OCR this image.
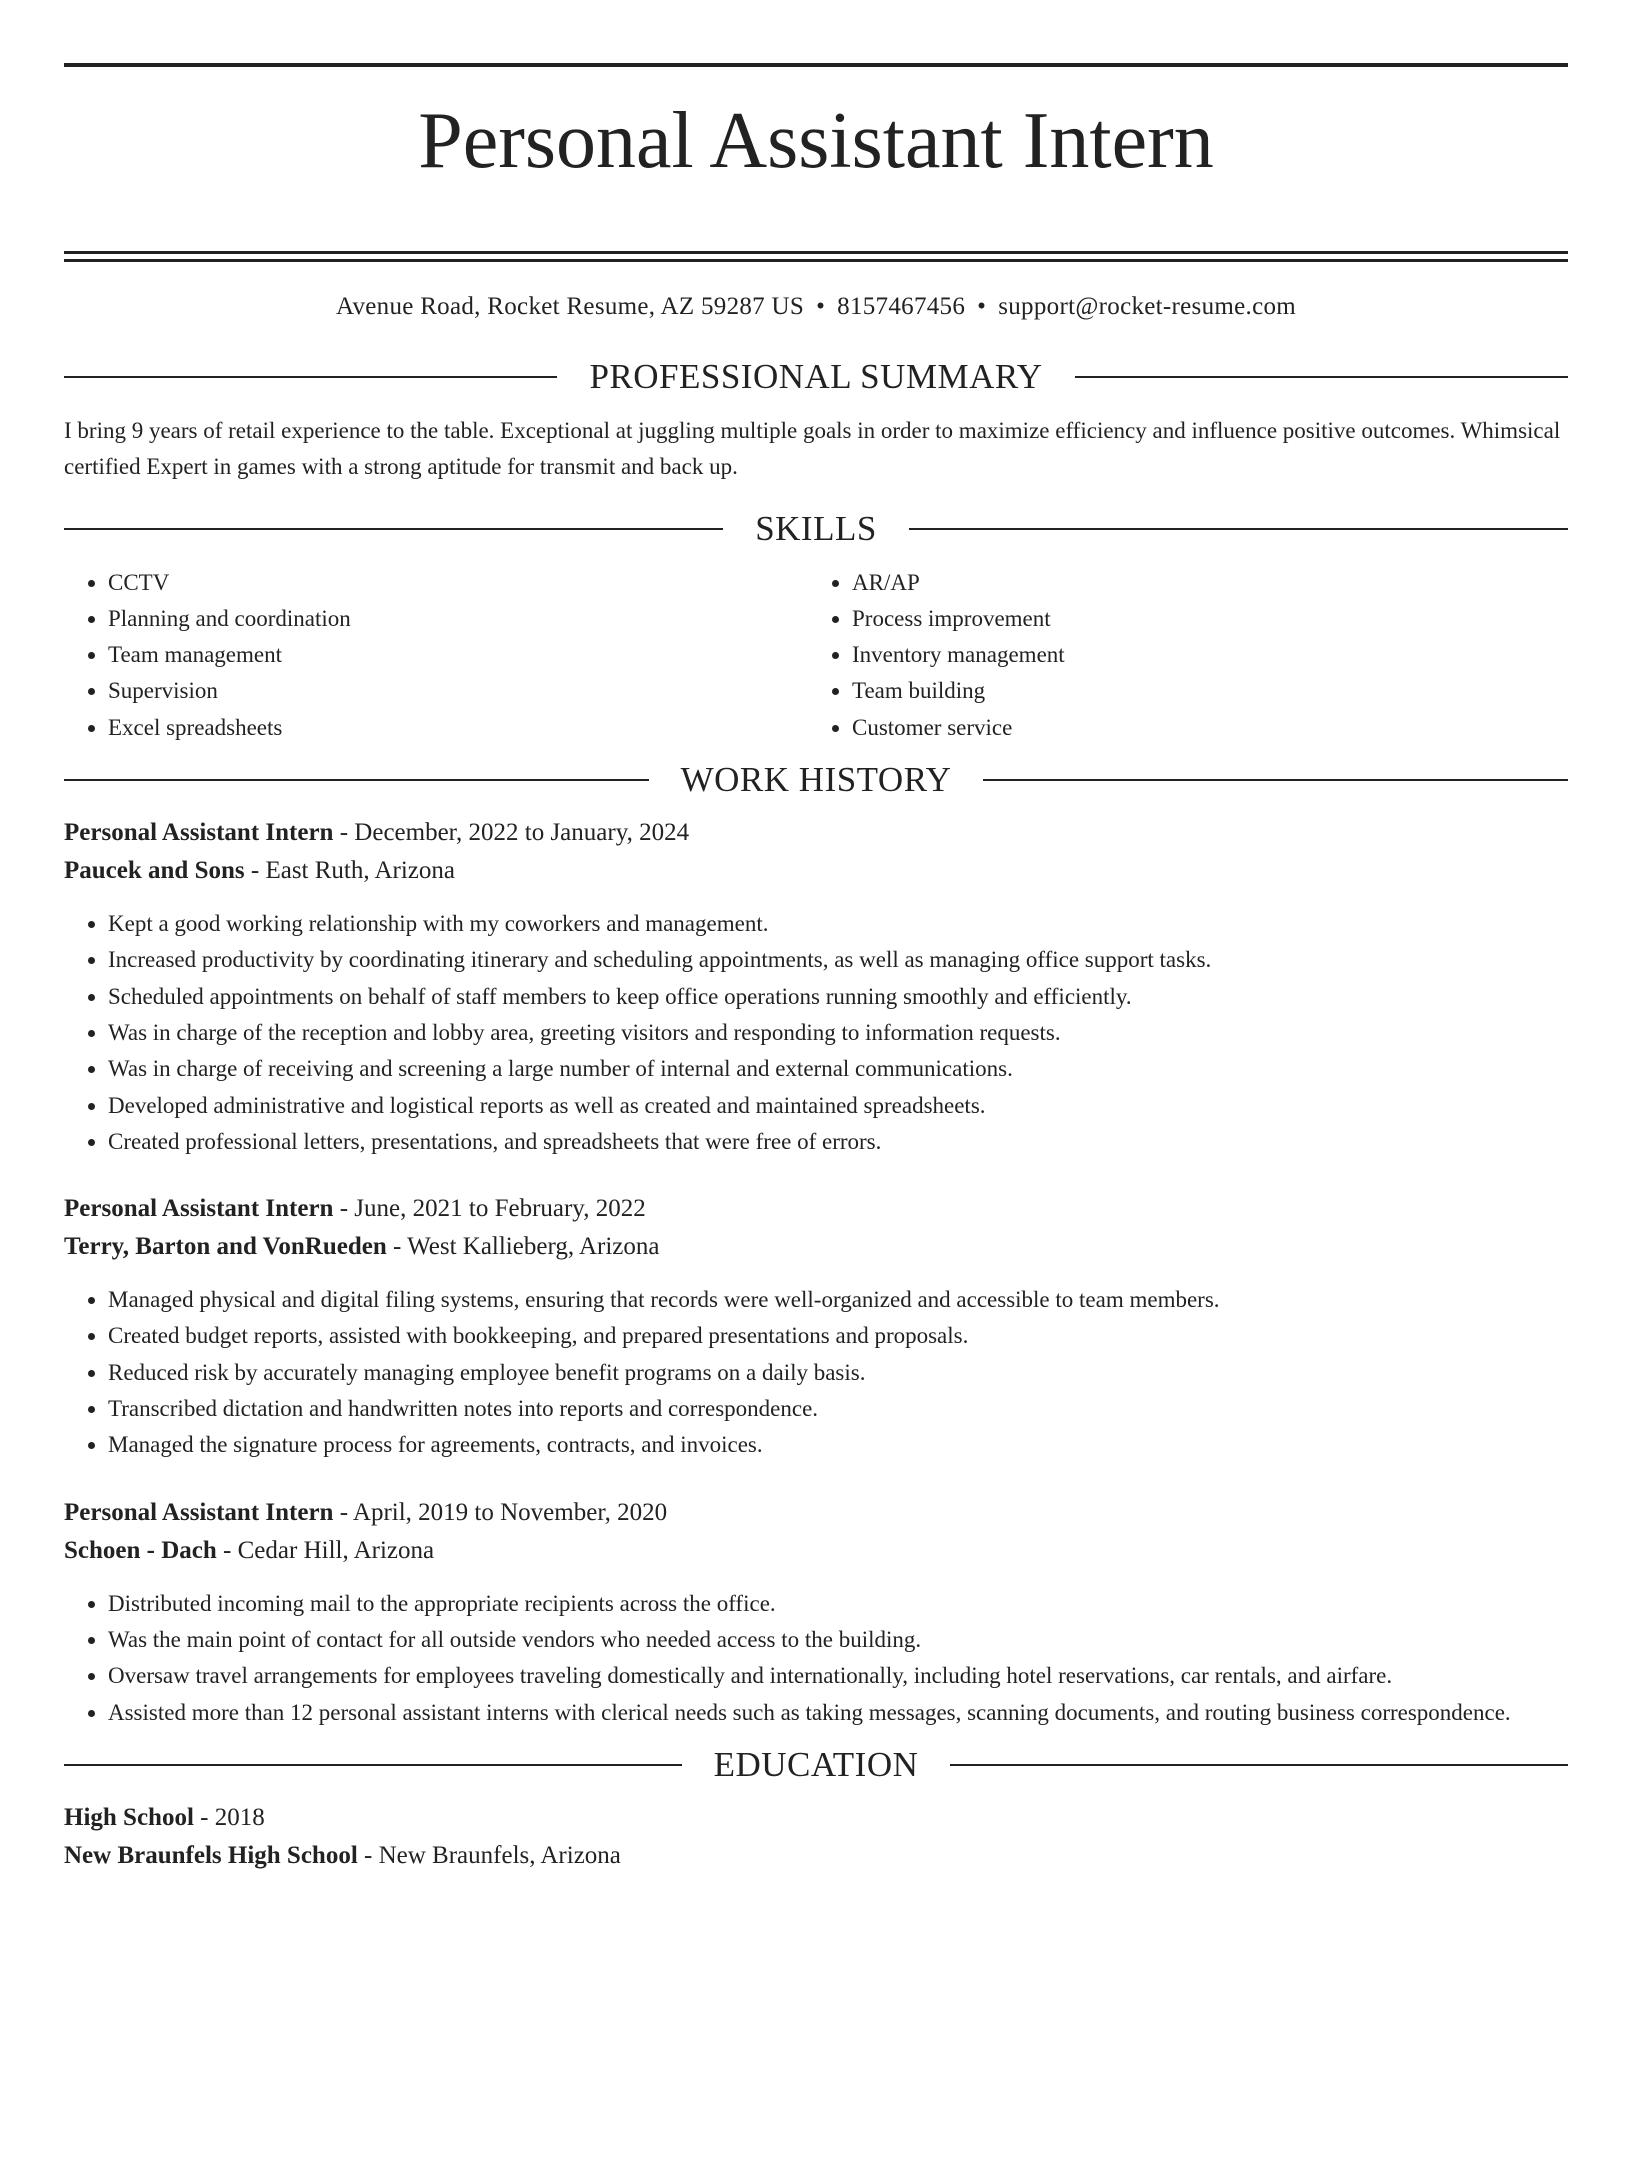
Personal Assistant Intern
Avenue Road, Rocket Resume, AZ 59287 US • 8157467456 • support@rocket-resume.com
PROFESSIONAL SUMMARY

I bring 9 years of retail experience to the table. Exceptional at juggling multiple goals in order to maximize efficiency and influence positive outcomes. Whimsical certified Expert in games with a strong aptitude for transmit and back up.

SKILLS
• CCTV
• Planning and coordination
• Team management
• Supervision
• Excel spreadsheets
• AR/AP
• Process improvement
• Inventory management
• Team building
• Customer service
WORK HISTORY
Personal Assistant Intern - December, 2022 to January, 2024
Paucek and Sons - East Ruth, Arizona
• Kept a good working relationship with my coworkers and management.
• Increased productivity by coordinating itinerary and scheduling appointments, as well as managing office support tasks.
• Scheduled appointments on behalf of staff members to keep office operations running smoothly and efficiently.
• Was in charge of the reception and lobby area, greeting visitors and responding to information requests.
• Was in charge of receiving and screening a large number of internal and external communications.
• Developed administrative and logistical reports as well as created and maintained spreadsheets.
• Created professional letters, presentations, and spreadsheets that were free of errors.
Personal Assistant Intern - June, 2021 to February, 2022
Terry, Barton and VonRueden - West Kallieberg, Arizona
• Managed physical and digital filing systems, ensuring that records were well-organized and accessible to team members.
• Created budget reports, assisted with bookkeeping, and prepared presentations and proposals.
• Reduced risk by accurately managing employee benefit programs on a daily basis.
• Transcribed dictation and handwritten notes into reports and correspondence.
• Managed the signature process for agreements, contracts, and invoices.
Personal Assistant Intern - April, 2019 to November, 2020
Schoen - Dach - Cedar Hill, Arizona
• Distributed incoming mail to the appropriate recipients across the office.
• Was the main point of contact for all outside vendors who needed access to the building.
• Oversaw travel arrangements for employees traveling domestically and internationally, including hotel reservations, car rentals, and airfare.
• Assisted more than 12 personal assistant interns with clerical needs such as taking messages, scanning documents, and routing business correspondence.
EDUCATION
High School - 2018
New Braunfels High School - New Braunfels, Arizona
